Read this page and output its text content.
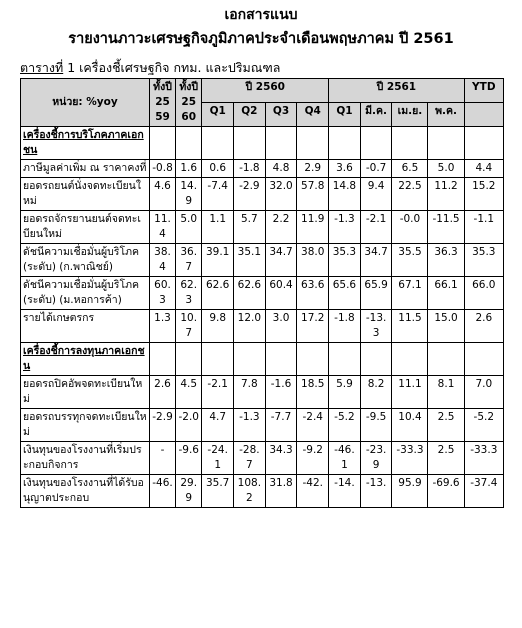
เอกสารแนบ
รายงานภาวะเศรษฐกิจภูมิภาคประจำเดือนพฤษภาคม ปี 2561
ตารางที่ 1 เครื่องชี้เศรษฐกิจ กทม. และปริมณฑล
หน่วย: %yoy	ทั้งปี 2559	ทั้งปี 2560	ปี 2560				ปี 2561				YTD
			Q1	Q2	Q3	Q4	Q1	มี.ค.	เม.ย.	พ.ค.	
เครื่องชี้การบริโภคภาคเอกชน											
ภาษีมูลค่าเพิ่ม ณ ราคาคงที่	-0.8	1.6	0.6	-1.8	4.8	2.9	3.6	-0.7	6.5	5.0	4.4
ยอดรถยนต์นั่งจดทะเบียนใหม่	4.6	14.9	-7.4	-2.9	32.0	57.8	14.8	9.4	22.5	11.2	15.2
ยอดรถจักรยานยนต์จดทะเบียนใหม่	11.4	5.0	1.1	5.7	2.2	11.9	-1.3	-2.1	-0.0	-11.5	-1.1
ดัชนีความเชื่อมั่นผู้บริโภค (ระดับ) (ก.พาณิชย์)	38.4	36.7	39.1	35.1	34.7	38.0	35.3	34.7	35.5	36.3	35.3
ดัชนีความเชื่อมั่นผู้บริโภค (ระดับ) (ม.หอการค้า)	60.3	62.3	62.6	62.6	60.4	63.6	65.6	65.9	67.1	66.1	66.0
รายได้เกษตรกร	1.3	10.7	9.8	12.0	3.0	17.2	-1.8	-13.3	11.5	15.0	2.6
เครื่องชี้การลงทุนภาคเอกชน											
ยอดรถปิคอัพจดทะเบียนใหม่	2.6	4.5	-2.1	7.8	-1.6	18.5	5.9	8.2	11.1	8.1	7.0
ยอดรถบรรทุกจดทะเบียนใหม่	-2.9	-2.0	4.7	-1.3	-7.7	-2.4	-5.2	-9.5	10.4	2.5	-5.2
เงินทุนของโรงงานที่เริ่มประกอบกิจการ	-	-9.6	-24.1	-28.7	34.3	-9.2	-46.1	-23.9	-33.3	2.5	-33.3
เงินทุนของโรงงานที่ได้รับอนุญาตประกอบ	-46.	29.9	35.7	108.2	31.8	-42.	-14.	-13.	95.9	-69.6	-37.4
